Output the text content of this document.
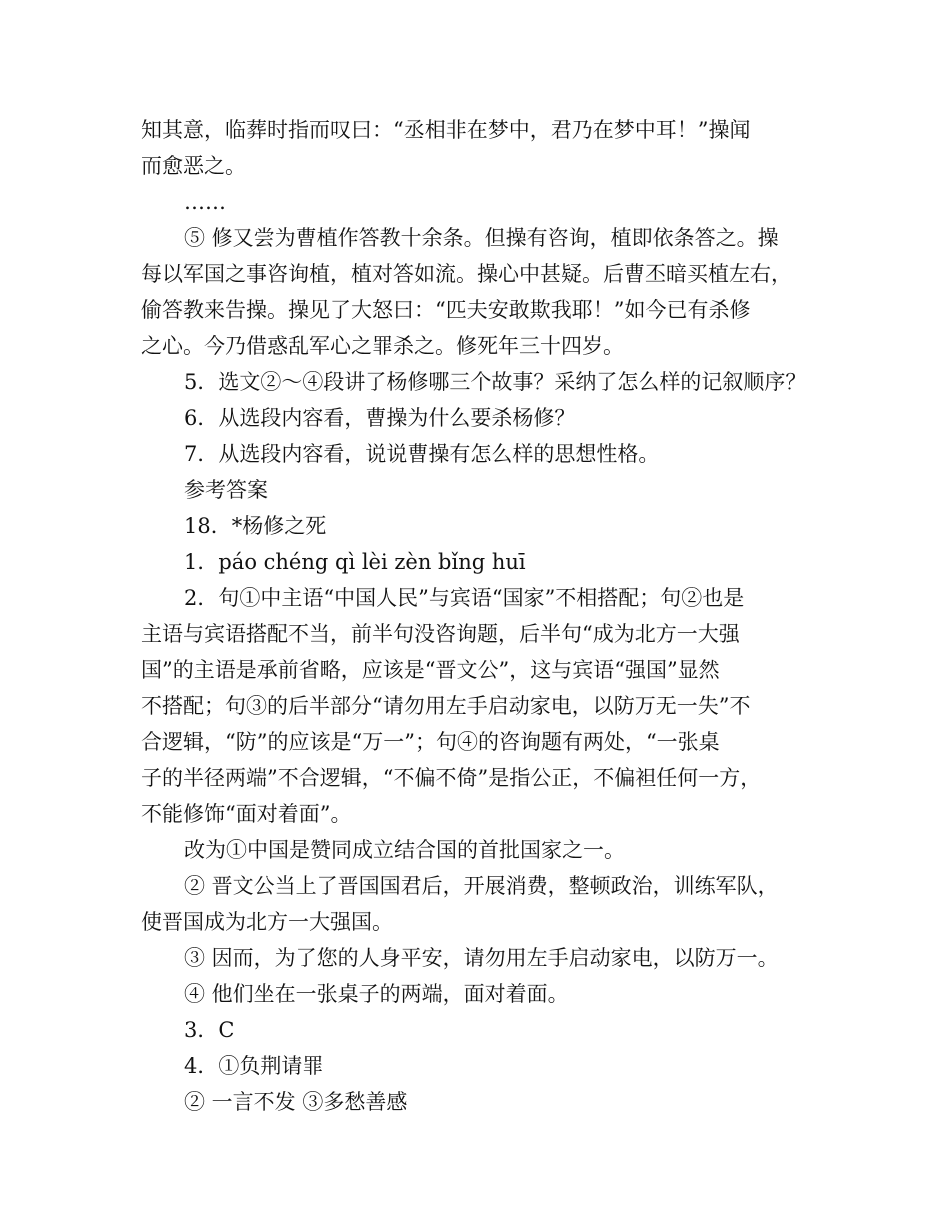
知其意，临葬时指而叹曰：“丞相非在梦中，君乃在梦中耳！”操闻
而愈恶之。
……
⑤ 修又尝为曹植作答教十余条。但操有咨询，植即依条答之。操
每以军国之事咨询植，植对答如流。操心中甚疑。后曹丕暗买植左右，
偷答教来告操。操见了大怒曰：“匹夫安敢欺我耶！”如今已有杀修
之心。今乃借惑乱军心之罪杀之。修死年三十四岁。
5．选文②～④段讲了杨修哪三个故事？采纳了怎么样的记叙顺序？
6．从选段内容看，曹操为什么要杀杨修？
7．从选段内容看，说说曹操有怎么样的思想性格。
参考答案
18．*杨修之死
1．páo chéng qì lèi zèn bǐng huī
2．句①中主语“中国人民”与宾语“国家”不相搭配；句②也是
主语与宾语搭配不当，前半句没咨询题，后半句“成为北方一大强
国”的主语是承前省略，应该是“晋文公”，这与宾语“强国”显然
不搭配；句③的后半部分“请勿用左手启动家电，以防万无一失”不
合逻辑，“防”的应该是“万一”；句④的咨询题有两处，“一张桌
子的半径两端”不合逻辑，“不偏不倚”是指公正，不偏袒任何一方，
不能修饰“面对着面”。
改为①中国是赞同成立结合国的首批国家之一。
② 晋文公当上了晋国国君后，开展消费，整顿政治，训练军队，
使晋国成为北方一大强国。
③ 因而，为了您的人身平安，请勿用左手启动家电，以防万一。
④ 他们坐在一张桌子的两端，面对着面。
3．C
4．①负荆请罪
② 一言不发 ③多愁善感
